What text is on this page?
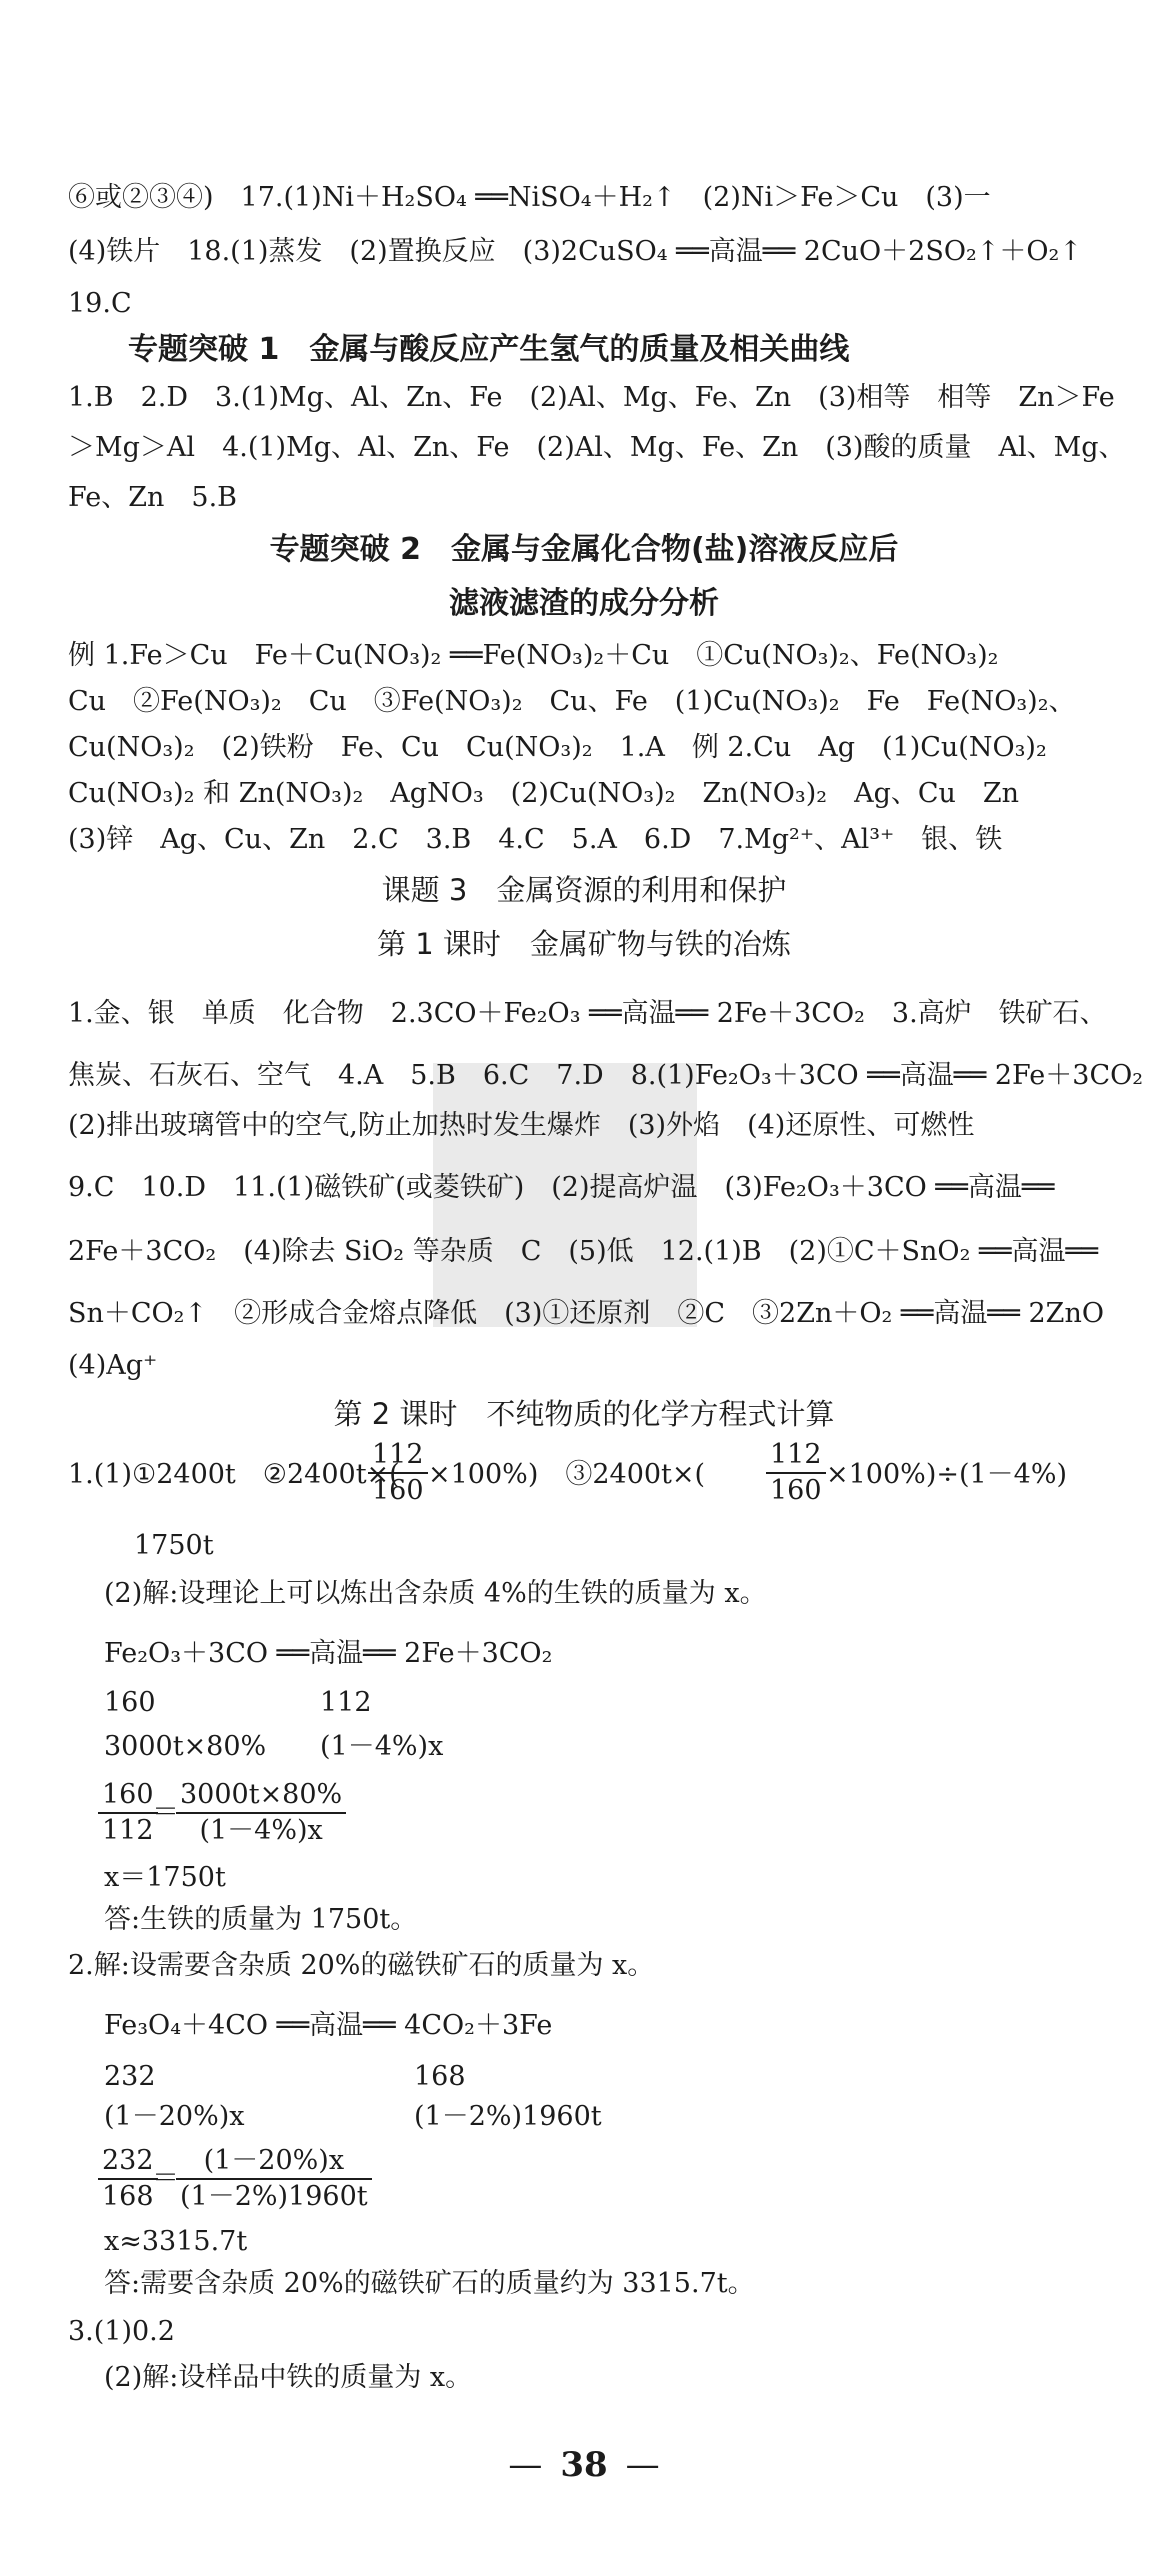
⑥或②③④)　17.(1)Ni＋H₂SO₄ ══NiSO₄＋H₂↑　(2)Ni＞Fe＞Cu　(3)一
(4)铁片　18.(1)蒸发　(2)置换反应　(3)2CuSO₄ ══高温══ 2CuO＋2SO₂↑＋O₂↑
19.C
专题突破 1　金属与酸反应产生氢气的质量及相关曲线
1.B　2.D　3.(1)Mg、Al、Zn、Fe　(2)Al、Mg、Fe、Zn　(3)相等　相等　Zn＞Fe
＞Mg＞Al　4.(1)Mg、Al、Zn、Fe　(2)Al、Mg、Fe、Zn　(3)酸的质量　Al、Mg、
Fe、Zn　5.B
专题突破 2　金属与金属化合物(盐)溶液反应后
滤液滤渣的成分分析
例 1.Fe＞Cu　Fe＋Cu(NO₃)₂ ══Fe(NO₃)₂＋Cu　①Cu(NO₃)₂、Fe(NO₃)₂
Cu　②Fe(NO₃)₂　Cu　③Fe(NO₃)₂　Cu、Fe　(1)Cu(NO₃)₂　Fe　Fe(NO₃)₂、
Cu(NO₃)₂　(2)铁粉　Fe、Cu　Cu(NO₃)₂　1.A　例 2.Cu　Ag　(1)Cu(NO₃)₂
Cu(NO₃)₂ 和 Zn(NO₃)₂　AgNO₃　(2)Cu(NO₃)₂　Zn(NO₃)₂　Ag、Cu　Zn
(3)锌　Ag、Cu、Zn　2.C　3.B　4.C　5.A　6.D　7.Mg²⁺、Al³⁺　银、铁
课题 3　金属资源的利用和保护
第 1 课时　金属矿物与铁的冶炼
1.金、银　单质　化合物　2.3CO＋Fe₂O₃ ══高温══ 2Fe＋3CO₂　3.高炉　铁矿石、
焦炭、石灰石、空气　4.A　5.B　6.C　7.D　8.(1)Fe₂O₃＋3CO ══高温══ 2Fe＋3CO₂
(2)排出玻璃管中的空气,防止加热时发生爆炸　(3)外焰　(4)还原性、可燃性
9.C　10.D　11.(1)磁铁矿(或菱铁矿)　(2)提高炉温　(3)Fe₂O₃＋3CO ══高温══
2Fe＋3CO₂　(4)除去 SiO₂ 等杂质　C　(5)低　12.(1)B　(2)①C＋SnO₂ ══高温══
Sn＋CO₂↑　②形成合金熔点降低　(3)①还原剂　②C　③2Zn＋O₂ ══高温══ 2ZnO
(4)Ag⁺
第 2 课时　不纯物质的化学方程式计算
1.(1)①2400t　②2400t×(
$\frac{112}{160} \times 100\%$)　③2400t×( $\frac{112}{160} \times 100\%)\div(1-4\%)$
1750t
(2)解:设理论上可以炼出含杂质 4%的生铁的质量为 x。
Fe₂O₃＋3CO ══高温══ 2Fe＋3CO₂
160	112
3000t×80% (1－4%)x
$\frac{160}{112}$
＝
$\frac{3000t\times 80\%}{(1-4\%)x}$
x＝1750t
答:生铁的质量为 1750t。
2.解:设需要含杂质 20%的磁铁矿石的质量为 x。
Fe₃O₄＋4CO ══高温══ 4CO₂＋3Fe
232	168
(1－20%)x	(1－2%)1960t
$\frac{232}{168}$
＝
$\frac{(1-20\%)x}{(1-2\%)1960t}$
x≈3315.7t
答:需要含杂质 20%的磁铁矿石的质量约为 3315.7t。
3.(1)0.2
(2)解:设样品中铁的质量为 x。
— 38 —
